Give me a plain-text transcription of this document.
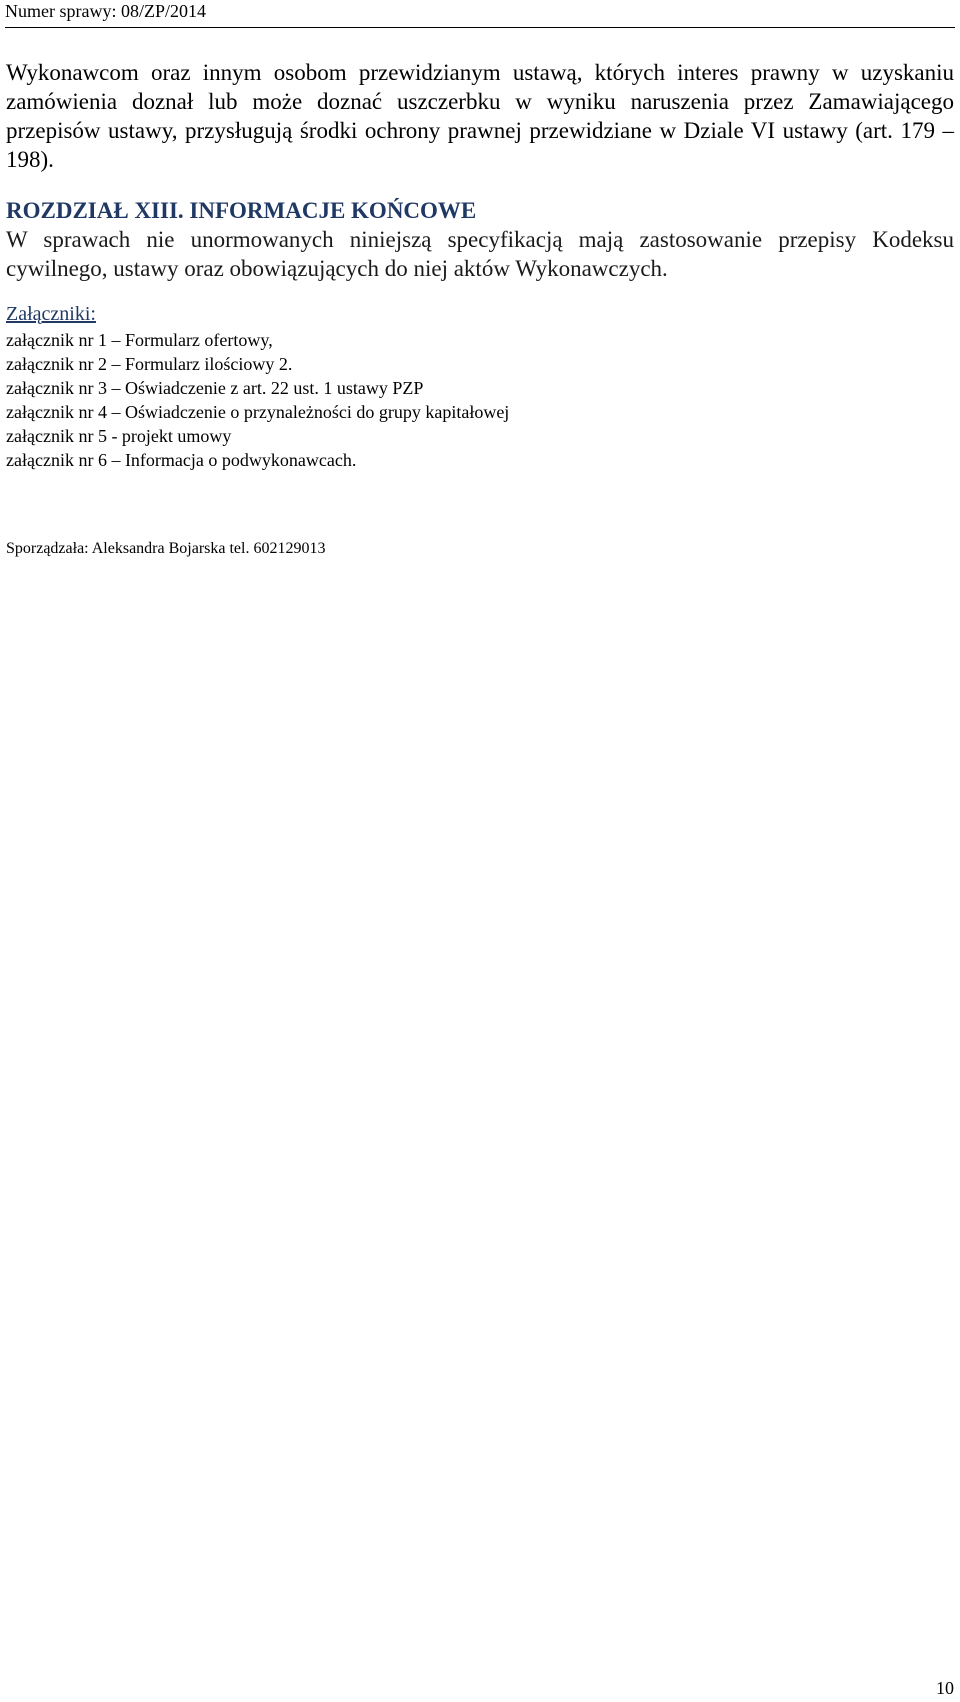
Numer sprawy: 08/ZP/2014

Wykonawcom oraz innym osobom przewidzianym ustawą, których interes prawny w uzyskaniu zamówienia doznał lub może doznać uszczerbku w wyniku naruszenia przez Zamawiającego przepisów ustawy, przysługują środki ochrony prawnej przewidziane w Dziale VI ustawy (art. 179 – 198).

ROZDZIAŁ XIII. INFORMACJE KOŃCOWE

W sprawach nie unormowanych niniejszą specyfikacją mają zastosowanie przepisy Kodeksu cywilnego, ustawy oraz obowiązujących do niej aktów Wykonawczych.

Załączniki:
załącznik nr 1 – Formularz ofertowy,
załącznik nr 2 – Formularz ilościowy 2.
załącznik nr 3 – Oświadczenie z art. 22 ust. 1 ustawy PZP
załącznik nr 4 – Oświadczenie o przynależności do grupy kapitałowej
załącznik nr 5 - projekt umowy
załącznik nr 6 – Informacja o podwykonawcach.
Sporządzała: Aleksandra Bojarska tel. 602129013
10
